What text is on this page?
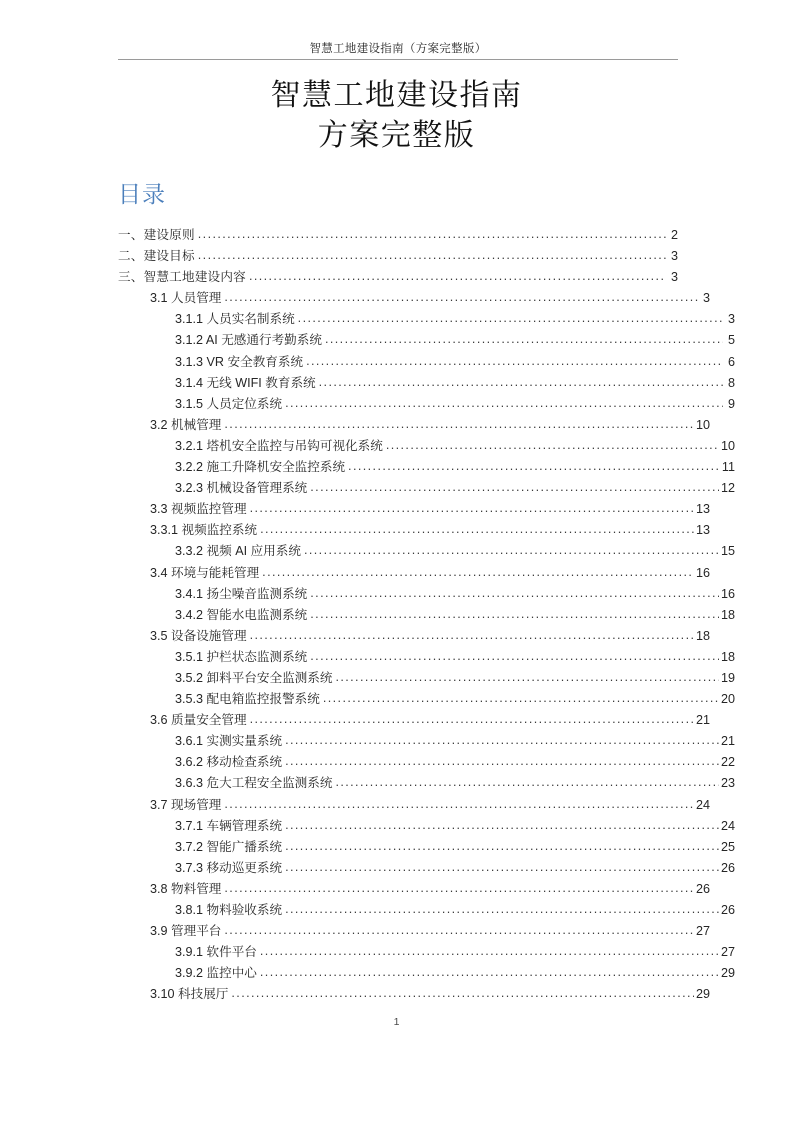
智慧工地建设指南（方案完整版）
智慧工地建设指南
方案完整版
目录
一、建设原则 .....	2
二、建设目标 .....	3
三、智慧工地建设内容 .....	3
3.1 人员管理 .....	3
3.1.1 人员实名制系统 .....	3
3.1.2 AI 无感通行考勤系统 .....	5
3.1.3 VR 安全教育系统 .....	6
3.1.4 无线 WIFI 教育系统 .....	8
3.1.5 人员定位系统 .....	9
3.2 机械管理 .....	10
3.2.1 塔机安全监控与吊钩可视化系统 .....	10
3.2.2 施工升降机安全监控系统 .....	11
3.2.3 机械设备管理系统 .....	12
3.3 视频监控管理 .....	13
3.3.1 视频监控系统 .....	13
3.3.2 视频 AI 应用系统 .....	15
3.4 环境与能耗管理 .....	16
3.4.1 扬尘噪音监测系统 .....	16
3.4.2 智能水电监测系统 .....	18
3.5 设备设施管理 .....	18
3.5.1 护栏状态监测系统 .....	18
3.5.2 卸料平台安全监测系统 .....	19
3.5.3 配电箱监控报警系统 .....	20
3.6 质量安全管理 .....	21
3.6.1 实测实量系统 .....	21
3.6.2 移动检查系统 .....	22
3.6.3 危大工程安全监测系统 .....	23
3.7 现场管理 .....	24
3.7.1 车辆管理系统 .....	24
3.7.2 智能广播系统 .....	25
3.7.3 移动巡更系统 .....	26
3.8 物料管理 .....	26
3.8.1 物料验收系统 .....	26
3.9 管理平台 .....	27
3.9.1 软件平台 .....	27
3.9.2 监控中心 .....	29
3.10 科技展厅 .....	29
1
